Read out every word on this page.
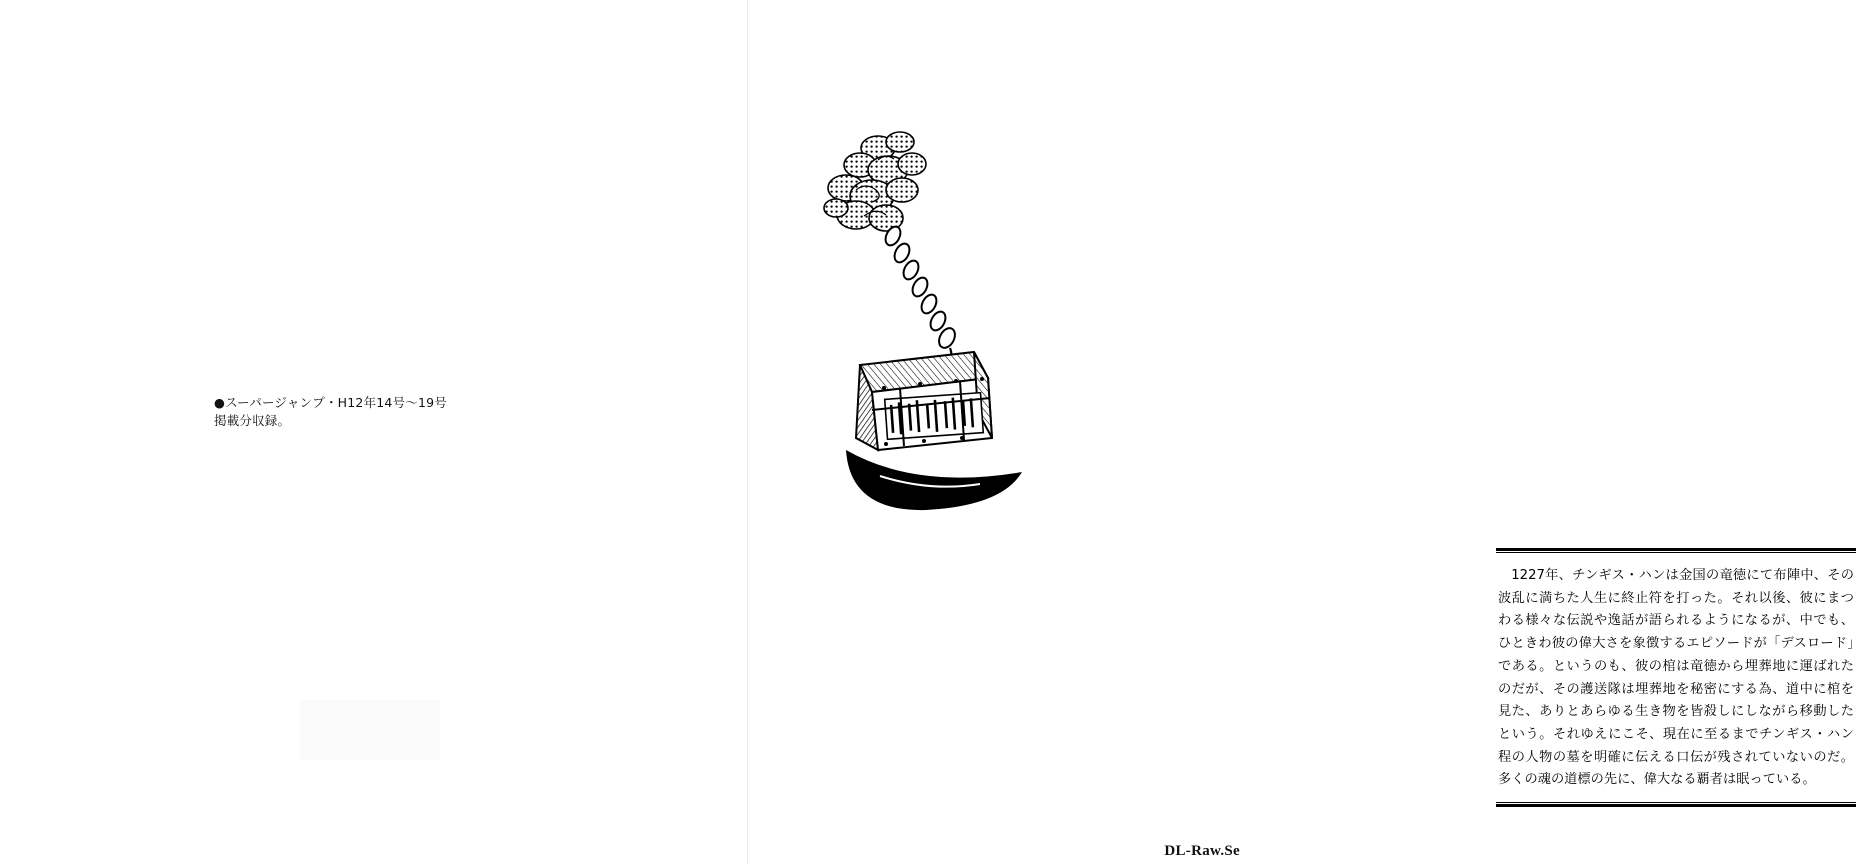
●スーパージャンプ・H12年14号〜19号
掲載分収録。

1227年、チンギス・ハンは金国の竜徳にて布陣中、その波乱に満ちた人生に終止符を打った。それ以後、彼にまつわる様々な伝説や逸話が語られるようになるが、中でも、ひときわ彼の偉大さを象徴するエピソードが「デスロード」である。というのも、彼の棺は竜徳から埋葬地に運ばれたのだが、その護送隊は埋葬地を秘密にする為、道中に棺を見た、ありとあらゆる生き物を皆殺しにしながら移動したという。それゆえにこそ、現在に至るまでチンギス・ハン程の人物の墓を明確に伝える口伝が残されていないのだ。多くの魂の道標の先に、偉大なる覇者は眠っている。

DL-Raw.Se
